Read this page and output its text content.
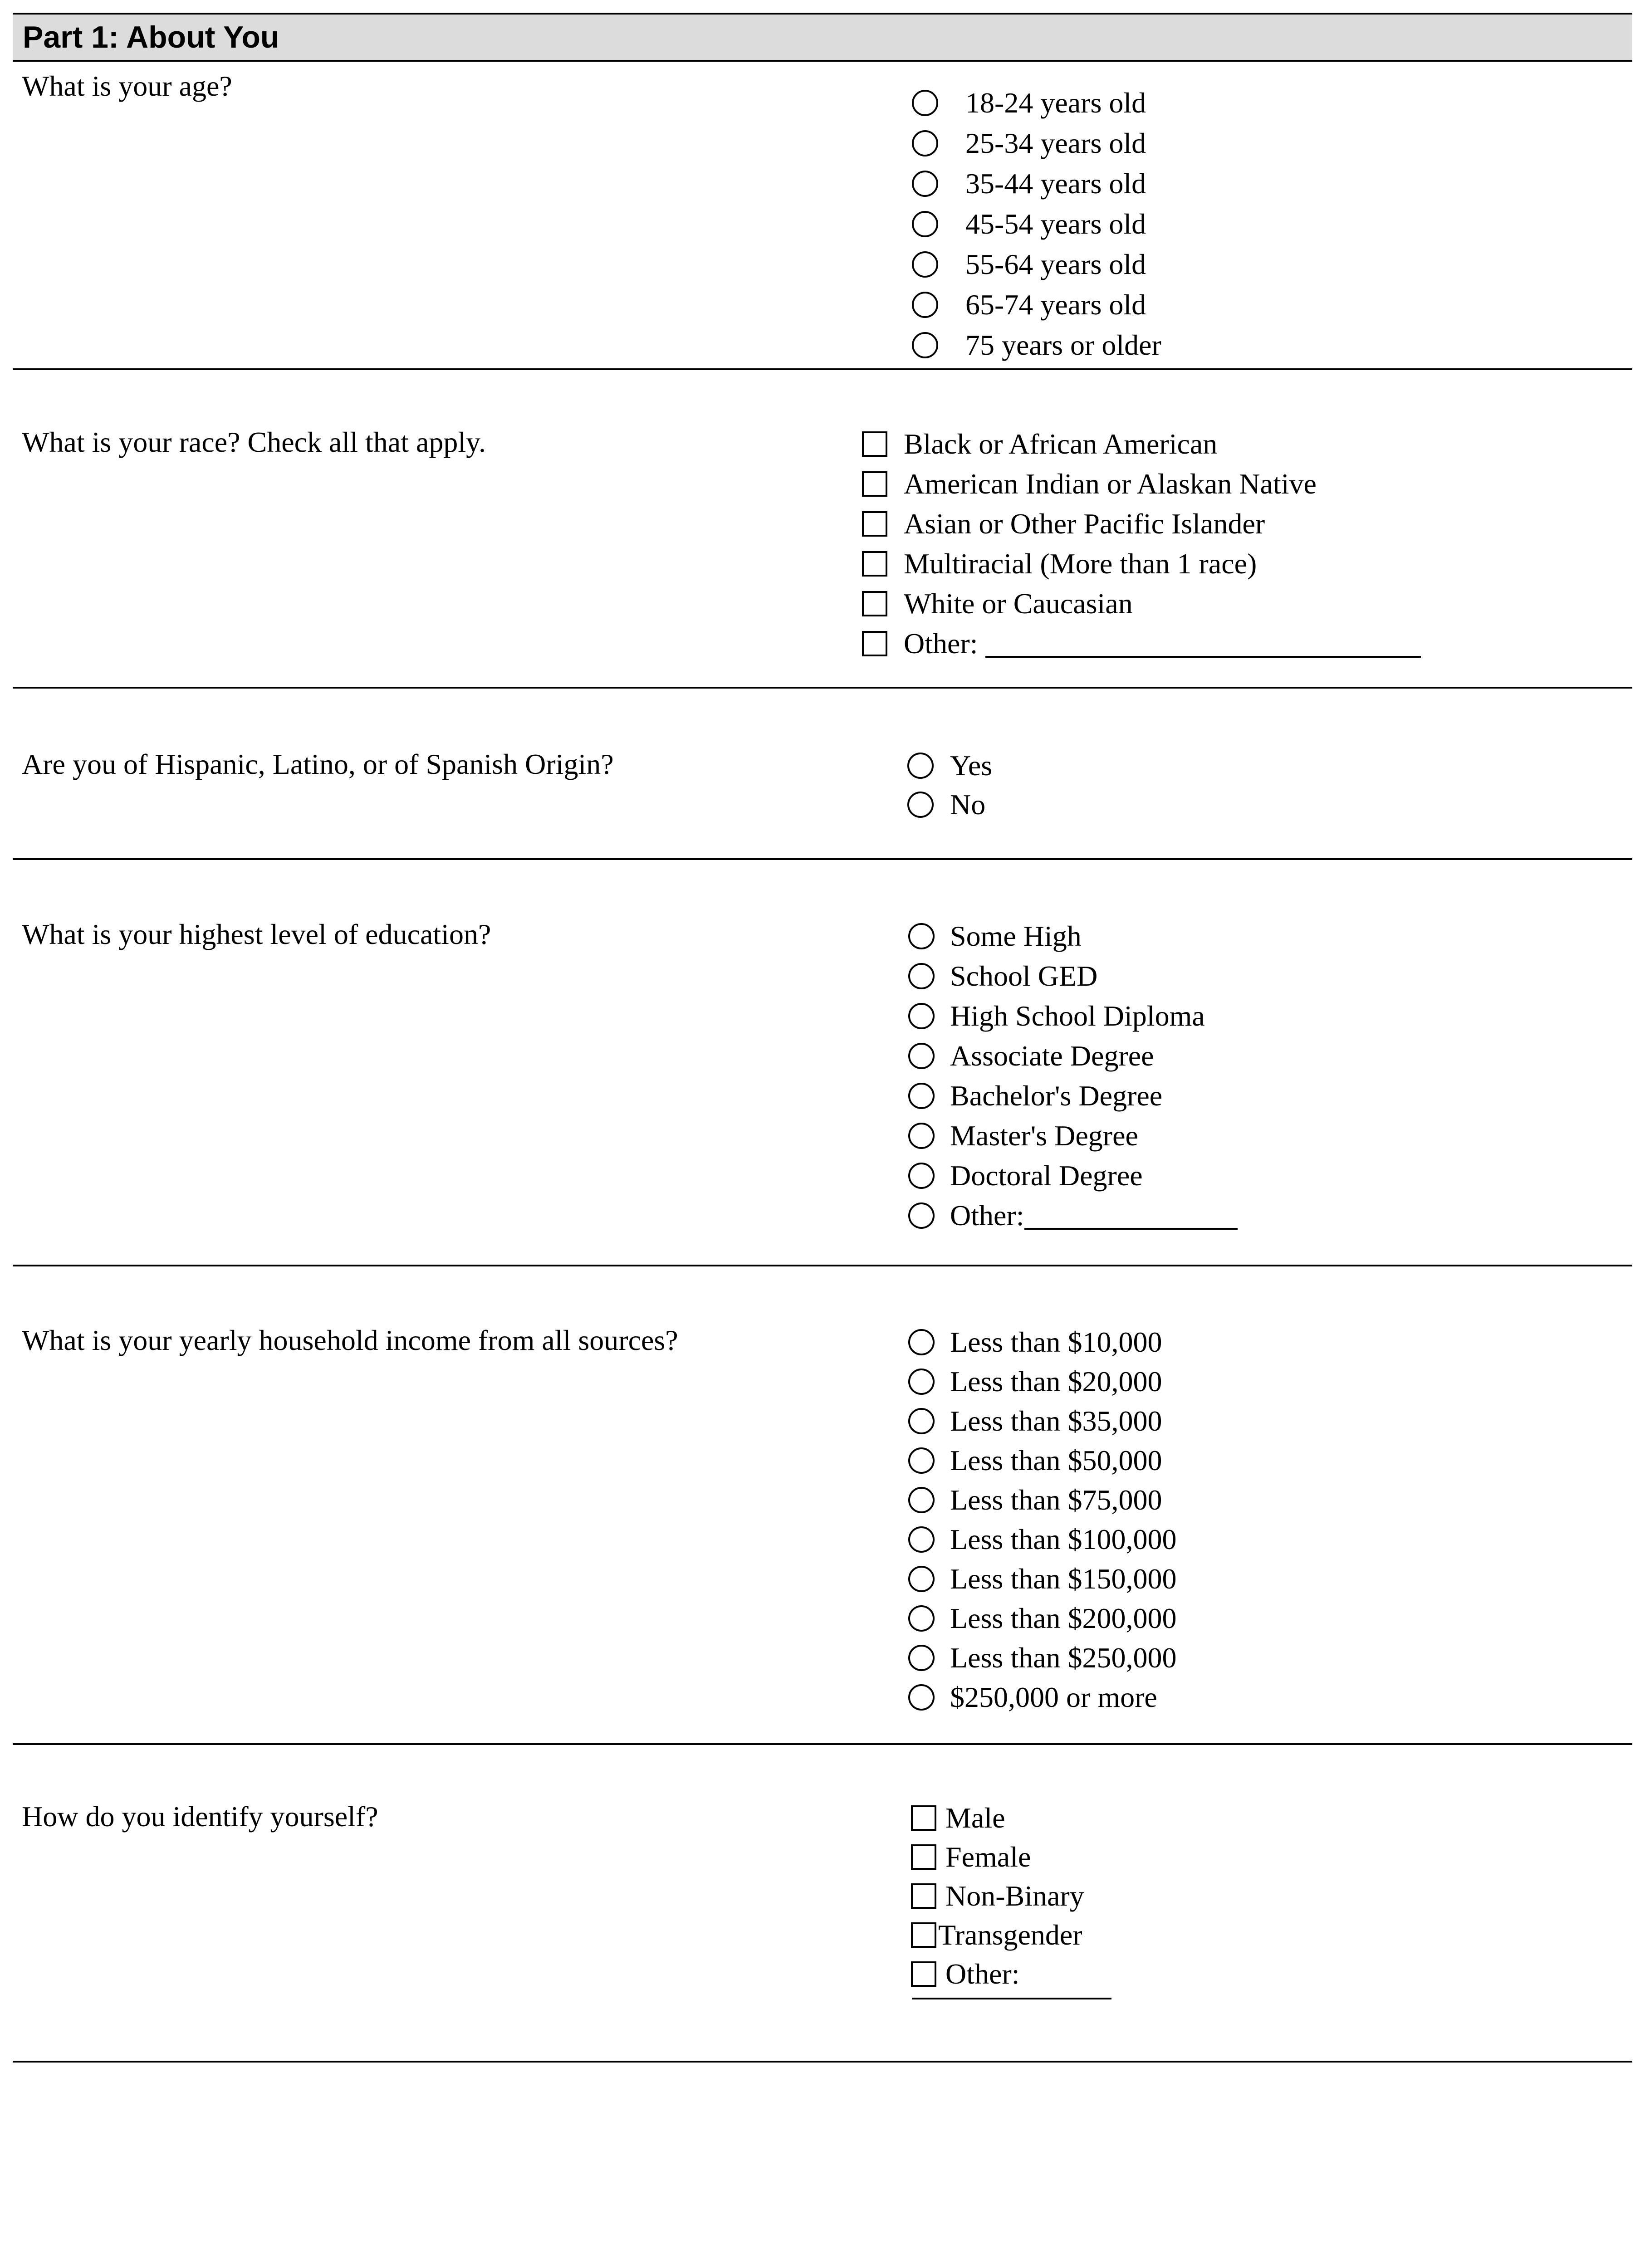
Part 1: About You
What is your age?
18-24 years old
25-34 years old
35-44 years old
45-54 years old
55-64 years old
65-74 years old
75 years or older
What is your race? Check all that apply.	Black or African American
American Indian or Alaskan Native
Asian or Other Pacific Islander
Multiracial (More than 1 race)
White or Caucasian
Other:
Are you of Hispanic, Latino, or of Spanish Origin?	Yes
No
What is your highest level of education?	Some High
School GED
High School Diploma
Associate Degree
Bachelor's Degree
Master's Degree
Doctoral Degree
Other:
What is your yearly household income from all sources?	Less than $10,000
Less than $20,000
Less than $35,000
Less than $50,000
Less than $75,000
Less than $100,000
Less than $150,000
Less than $200,000
Less than $250,000
$250,000 or more
How do you identify yourself?	Male
Female
Non-Binary
Transgender
Other:
